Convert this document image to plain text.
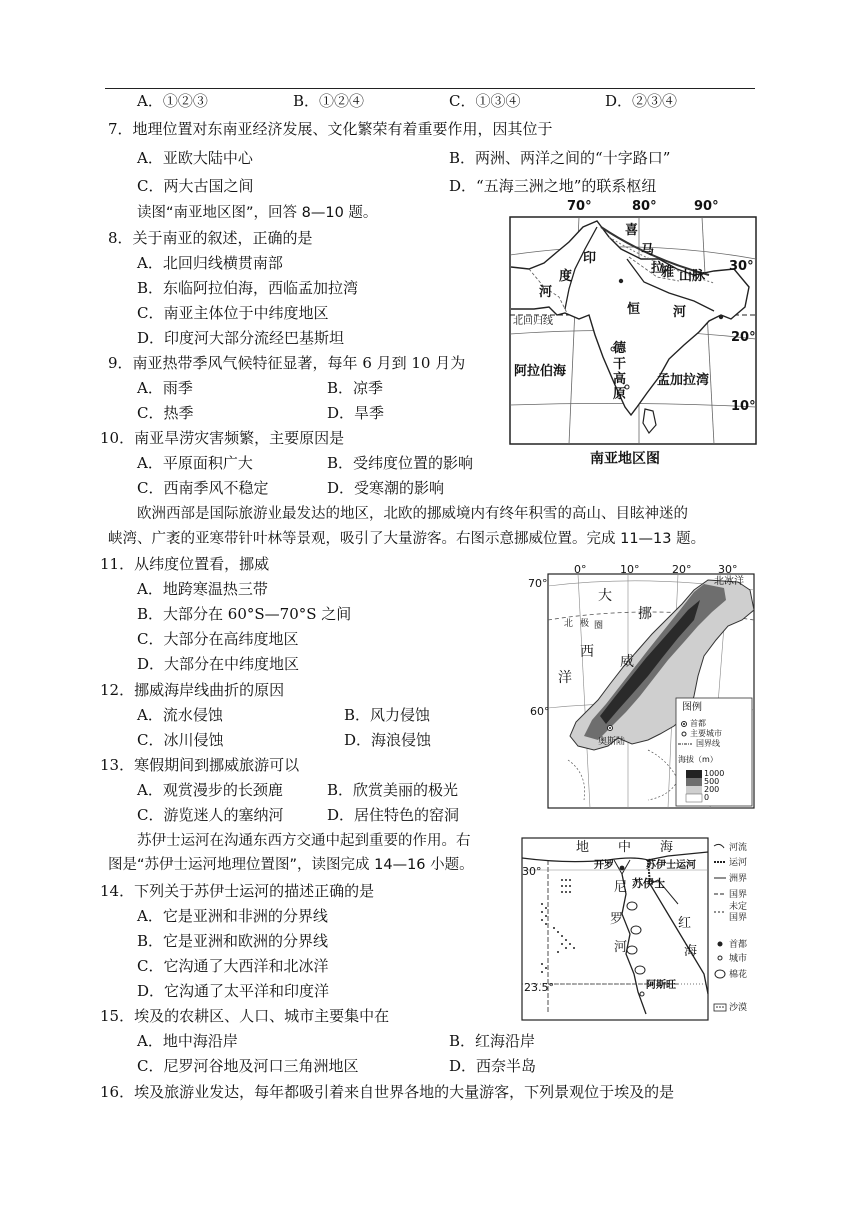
A．①②③	B．①②④	C．①③④	D．②③④
7．地理位置对东南亚经济发展、文化繁荣有着重要作用，因其位于
A．亚欧大陆中心	B．两洲、两洋之间的“十字路口”
C．两大古国之间	D．“五海三洲之地”的联系枢纽
读图“南亚地区图”，回答 8—10 题。
8．关于南亚的叙述，正确的是
A．北回归线横贯南部
B．东临阿拉伯海，西临孟加拉湾
C．南亚主体位于中纬度地区
D．印度河大部分流经巴基斯坦
9．南亚热带季风气候特征显著，每年 6 月到 10 月为
A．雨季	B．凉季
C．热季	D．旱季
10．南亚旱涝灾害频繁，主要原因是
A．平原面积广大	B．受纬度位置的影响
C．西南季风不稳定	D．受寒潮的影响
欧洲西部是国际旅游业最发达的地区，北欧的挪威境内有终年积雪的高山、目眩神迷的
峡湾、广袤的亚寒带针叶林等景观，吸引了大量游客。右图示意挪威位置。完成 11—13 题。
11．从纬度位置看，挪威
A．地跨寒温热三带
B．大部分在 60°S—70°S 之间
C．大部分在高纬度地区
D．大部分在中纬度地区
12．挪威海岸线曲折的原因
A．流水侵蚀	B．风力侵蚀
C．冰川侵蚀	D．海浪侵蚀
13．寒假期间到挪威旅游可以
A．观赏漫步的长颈鹿	B．欣赏美丽的极光
C．游览迷人的塞纳河	D．居住特色的窑洞
苏伊士运河在沟通东西方交通中起到重要的作用。右
图是“苏伊士运河地理位置图”，读图完成 14—16 小题。
14．下列关于苏伊士运河的描述正确的是
A．它是亚洲和非洲的分界线
B．它是亚洲和欧洲的分界线
C．它沟通了大西洋和北冰洋
D．它沟通了太平洋和印度洋
15．埃及的农耕区、人口、城市主要集中在
A．地中海沿岸	B．红海沿岸
C．尼罗河谷地及河口三角洲地区	D．西奈半岛
16．埃及旅游业发达，每年都吸引着来自世界各地的大量游客，下列景观位于埃及的是
70°	80°	90°
30°
20°
10°
北回归线
喜
马
拉
雅 山脉
印
度
河
恒	河
德
干
高
原
阿拉伯海
孟加拉湾
南亚地区图
0°	10°	20° 30°
70°
60°
北冰洋
大
挪
北 极 圈
西
威
洋
奥斯陆
图例
首都
主要城市
国界线
海拔（m）
1000
500
200
0
地 中 海
开罗	苏伊士运河
尼 苏伊士
罗
河
红
海
阿斯旺
30°
23.5°
河流
运河
洲界
国界
未定国界
首都
城市
棉花
沙漠
